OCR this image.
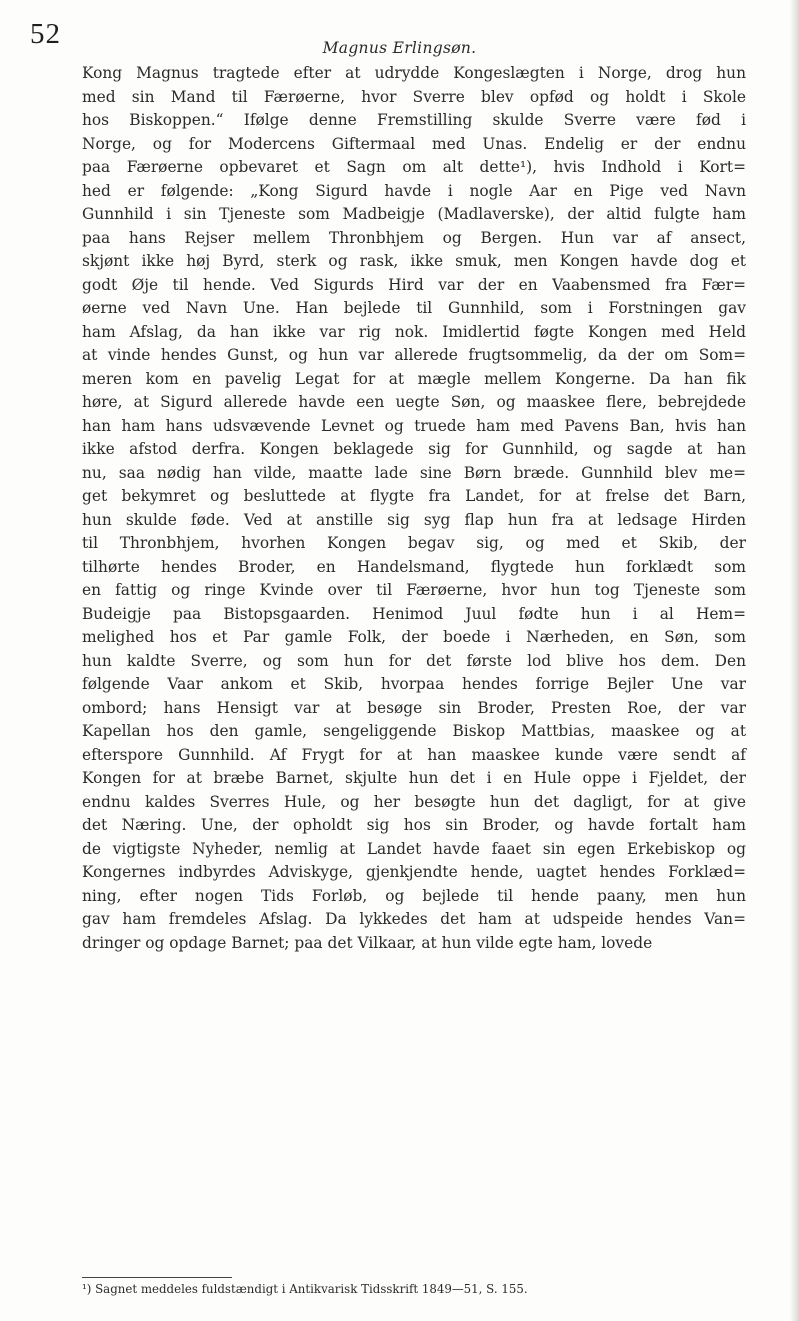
52	Magnus Erlingsøn.
Kong Magnus tragtede efter at udrydde Kongeslægten i Norge, drog hun
med sin Mand til Færøerne, hvor Sverre blev opfød og holdt i Skole
hos Biskoppen.“ Ifølge denne Fremstilling skulde Sverre være fød i
Norge, og for Modercens Giftermaal med Unas. Endelig er der endnu
paa Færøerne opbevaret et Sagn om alt dette¹), hvis Indhold i Kort=
hed er følgende: „Kong Sigurd havde i nogle Aar en Pige ved Navn
Gunnhild i sin Tjeneste som Madbeigje (Madlaverske), der altid fulgte ham
paa hans Rejser mellem Thronbhjem og Bergen. Hun var af ansect,
skjønt ikke høj Byrd, sterk og rask, ikke smuk, men Kongen havde dog et
godt Øje til hende. Ved Sigurds Hird var der en Vaabensmed fra Fær=
øerne ved Navn Une. Han bejlede til Gunnhild, som i Forstningen gav
ham Afslag, da han ikke var rig nok. Imidlertid føgte Kongen med Held
at vinde hendes Gunst, og hun var allerede frugtsommelig, da der om Som=
meren kom en pavelig Legat for at mægle mellem Kongerne. Da han fik
høre, at Sigurd allerede havde een uegte Søn, og maaskee flere, bebrejdede
han ham hans udsvævende Levnet og truede ham med Pavens Ban, hvis han
ikke afstod derfra. Kongen beklagede sig for Gunnhild, og sagde at han
nu, saa nødig han vilde, maatte lade sine Børn bræde. Gunnhild blev me=
get bekymret og besluttede at flygte fra Landet, for at frelse det Barn,
hun skulde føde. Ved at anstille sig syg flap hun fra at ledsage Hirden
til Thronbhjem, hvorhen Kongen begav sig, og med et Skib, der
tilhørte hendes Broder, en Handelsmand, flygtede hun forklædt som
en fattig og ringe Kvinde over til Færøerne, hvor hun tog Tjeneste som
Budeigje paa Bistopsgaarden. Henimod Juul fødte hun i al Hem=
melighed hos et Par gamle Folk, der boede i Nærheden, en Søn, som
hun kaldte Sverre, og som hun for det første lod blive hos dem. Den
følgende Vaar ankom et Skib, hvorpaa hendes forrige Bejler Une var
ombord; hans Hensigt var at besøge sin Broder, Presten Roe, der var
Kapellan hos den gamle, sengeliggende Biskop Mattbias, maaskee og at
efterspore Gunnhild. Af Frygt for at han maaskee kunde være sendt af
Kongen for at bræbe Barnet, skjulte hun det i en Hule oppe i Fjeldet, der
endnu kaldes Sverres Hule, og her besøgte hun det dagligt, for at give
det Næring. Une, der opholdt sig hos sin Broder, og havde fortalt ham
de vigtigste Nyheder, nemlig at Landet havde faaet sin egen Erkebiskop og
Kongernes indbyrdes Adviskyge, gjenkjendte hende, uagtet hendes Forklæd=
ning, efter nogen Tids Forløb, og bejlede til hende paany, men hun
gav ham fremdeles Afslag. Da lykkedes det ham at udspeide hendes Van=
dringer og opdage Barnet; paa det Vilkaar, at hun vilde egte ham, lovede
¹) Sagnet meddeles fuldstændigt i Antikvarisk Tidsskrift 1849—51, S. 155.
